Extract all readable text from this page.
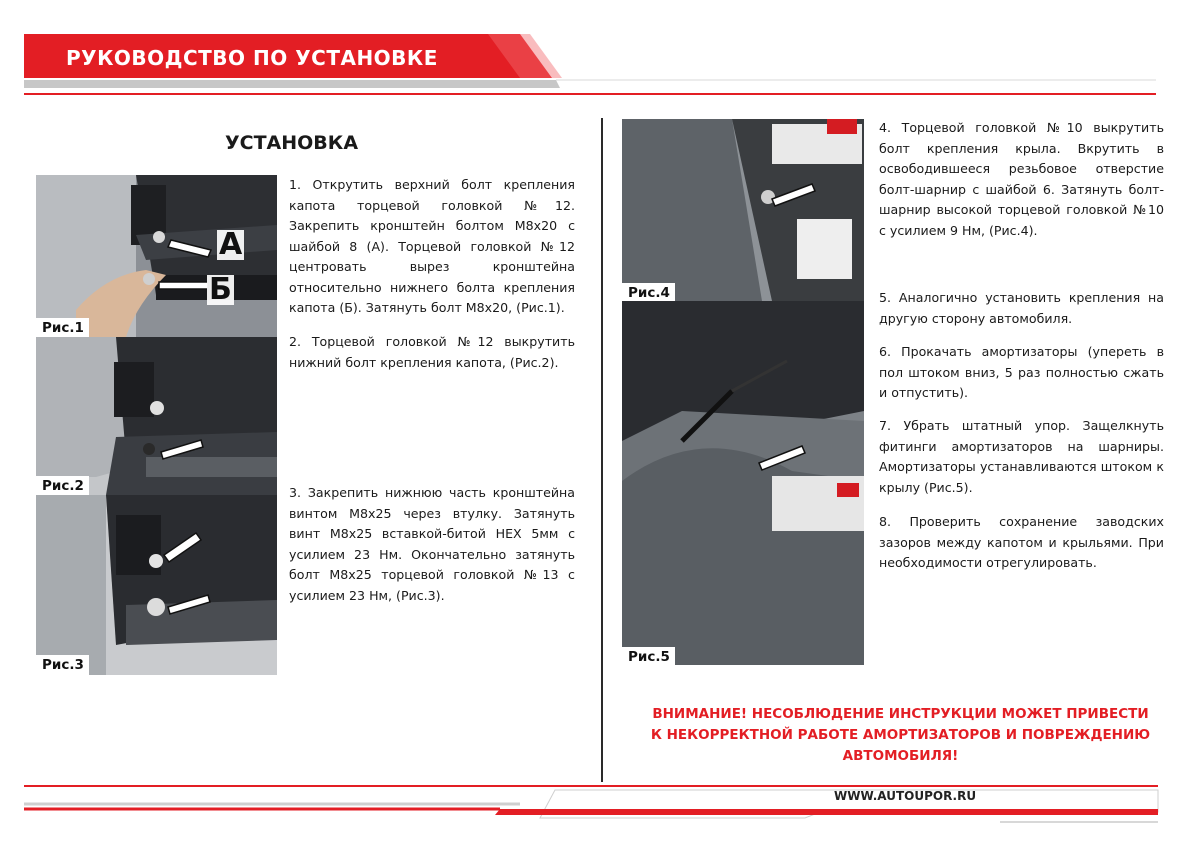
РУКОВОДСТВО ПО УСТАНОВКЕ
УСТАНОВКА
А
Б
Рис.1
Рис.2
Рис.3
1. Открутить верхний болт крепления капота торцевой головкой №12. Закрепить кронштейн болтом М8х20 с шайбой 8 (А). Торцевой головкой №12 центровать вырез кронштейна относительно нижнего болта крепления капота (Б). Затянуть болт М8х20, (Рис.1).
2. Торцевой головкой №12 выкрутить нижний болт крепления капота, (Рис.2).
3. Закрепить нижнюю часть кронштейна винтом М8х25 через втулку. Затянуть винт М8х25 вставкой-битой HEX 5мм с усилием 23 Нм. Окончательно затянуть болт М8х25 торцевой головкой №13 с усилием 23 Нм, (Рис.3).
Рис.4
Рис.5
4. Торцевой головкой №10 выкрутить болт крепления крыла. Вкрутить в освободившееся резьбовое отверстие болт-шарнир с шайбой 6. Затянуть болт-шарнир высокой торцевой головкой №10 с усилием 9 Нм, (Рис.4).
5. Аналогично установить крепления на другую сторону автомобиля.
6. Прокачать амортизаторы (упереть в пол штоком вниз, 5 раз полностью сжать и отпустить).
7. Убрать штатный упор. Защелкнуть фитинги амортизаторов на шарниры. Амортизаторы устанавливаются штоком к крылу (Рис.5).
8. Проверить сохранение заводских зазоров между капотом и крыльями. При необходимости отрегулировать.
ВНИМАНИЕ! НЕСОБЛЮДЕНИЕ ИНСТРУКЦИИ МОЖЕТ ПРИВЕСТИ К НЕКОРРЕКТНОЙ РАБОТЕ АМОРТИЗАТОРОВ И ПОВРЕЖДЕНИЮ АВТОМОБИЛЯ!
WWW.AUTOUPOR.RU
